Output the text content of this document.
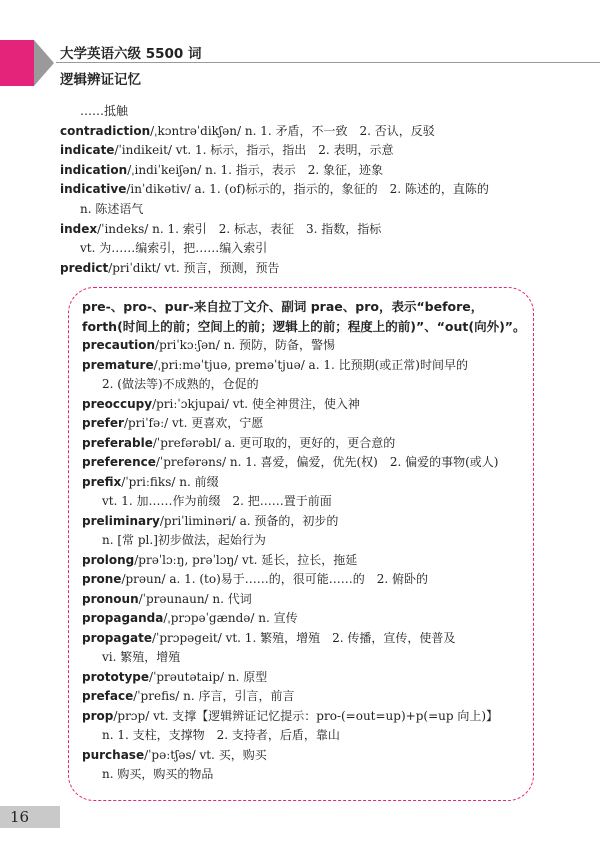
大学英语六级 5500 词
逻辑辨证记忆
……抵触
contradiction/ˌkɔntrəˈdikʃən/ n. 1. 矛盾，不一致　2. 否认，反驳
indicate/ˈindikeit/ vt. 1. 标示，指示，指出　2. 表明，示意
indication/ˌindiˈkeiʃən/ n. 1. 指示，表示　2. 象征，迹象
indicative/inˈdikətiv/ a. 1. (of)标示的，指示的，象征的　2. 陈述的，直陈的
n. 陈述语气
index/ˈindeks/ n. 1. 索引　2. 标志，表征　3. 指数，指标
vt. 为……编索引，把……编入索引
predict/priˈdikt/ vt. 预言，预测，预告
pre-、pro-、pur-来自拉丁文介、副词 prae、pro，表示“before，forth(时间上的前；空间上的前；逻辑上的前；程度上的前)”、“out(向外)”。
precaution/priˈkɔːʃən/ n. 预防，防备，警惕
premature/ˌpriːməˈtjuə, preməˈtjuə/ a. 1. 比预期(或正常)时间早的
2. (做法等)不成熟的，仓促的
preoccupy/priːˈɔkjupai/ vt. 使全神贯注，使入神
prefer/priˈfəː/ vt. 更喜欢，宁愿
preferable/ˈprefərəbl/ a. 更可取的，更好的，更合意的
preference/ˈprefərəns/ n. 1. 喜爱，偏爱，优先(权)　2. 偏爱的事物(或人)
prefix/ˈpriːfiks/ n. 前缀
vt. 1. 加……作为前缀　2. 把……置于前面
preliminary/priˈliminəri/ a. 预备的，初步的
n. [常 pl.]初步做法，起始行为
prolong/prəˈlɔːŋ, prəˈlɔŋ/ vt. 延长，拉长，拖延
prone/prəun/ a. 1. (to)易于……的，很可能……的　2. 俯卧的
pronoun/ˈprəunaun/ n. 代词
propaganda/ˌprɔpəˈgændə/ n. 宣传
propagate/ˈprɔpəgeit/ vt. 1. 繁殖，增殖　2. 传播，宣传，使普及
vi. 繁殖，增殖
prototype/ˈprəutətaip/ n. 原型
preface/ˈprefis/ n. 序言，引言，前言
prop/prɔp/ vt. 支撑【逻辑辨证记忆提示：pro-(=out=up)+p(=up 向上)】
n. 1. 支柱，支撑物　2. 支持者，后盾，靠山
purchase/ˈpəːtʃəs/ vt. 买，购买
n. 购买，购买的物品
16
